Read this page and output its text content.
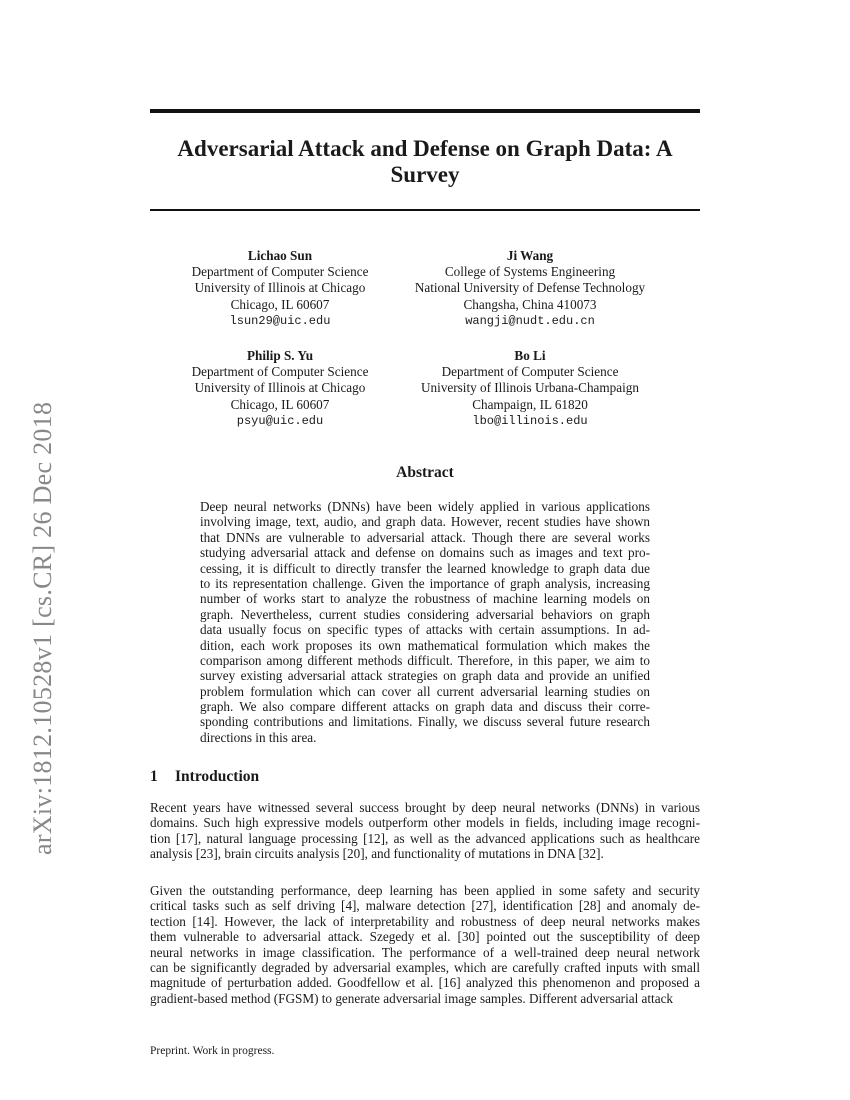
arXiv:1812.10528v1 [cs.CR] 26 Dec 2018
Adversarial Attack and Defense on Graph Data: A
Survey
Lichao Sun
Department of Computer Science
University of Illinois at Chicago
Chicago, IL 60607
lsun29@uic.edu
Ji Wang
College of Systems Engineering
National University of Defense Technology
Changsha, China 410073
wangji@nudt.edu.cn
Philip S. Yu
Department of Computer Science
University of Illinois at Chicago
Chicago, IL 60607
psyu@uic.edu
Bo Li
Department of Computer Science
University of Illinois Urbana-Champaign
Champaign, IL 61820
lbo@illinois.edu
Abstract
Deep neural networks (DNNs) have been widely applied in various applications
involving image, text, audio, and graph data. However, recent studies have shown
that DNNs are vulnerable to adversarial attack. Though there are several works
studying adversarial attack and defense on domains such as images and text pro-
cessing, it is difficult to directly transfer the learned knowledge to graph data due
to its representation challenge. Given the importance of graph analysis, increasing
number of works start to analyze the robustness of machine learning models on
graph. Nevertheless, current studies considering adversarial behaviors on graph
data usually focus on specific types of attacks with certain assumptions. In ad-
dition, each work proposes its own mathematical formulation which makes the
comparison among different methods difficult. Therefore, in this paper, we aim to
survey existing adversarial attack strategies on graph data and provide an unified
problem formulation which can cover all current adversarial learning studies on
graph. We also compare different attacks on graph data and discuss their corre-
sponding contributions and limitations. Finally, we discuss several future research
directions in this area.
1 Introduction
Recent years have witnessed several success brought by deep neural networks (DNNs) in various
domains. Such high expressive models outperform other models in fields, including image recogni-
tion [17], natural language processing [12], as well as the advanced applications such as healthcare
analysis [23], brain circuits analysis [20], and functionality of mutations in DNA [32].
Given the outstanding performance, deep learning has been applied in some safety and security
critical tasks such as self driving [4], malware detection [27], identification [28] and anomaly de-
tection [14]. However, the lack of interpretability and robustness of deep neural networks makes
them vulnerable to adversarial attack. Szegedy et al. [30] pointed out the susceptibility of deep
neural networks in image classification. The performance of a well-trained deep neural network
can be significantly degraded by adversarial examples, which are carefully crafted inputs with small
magnitude of perturbation added. Goodfellow et al. [16] analyzed this phenomenon and proposed a
gradient-based method (FGSM) to generate adversarial image samples. Different adversarial attack
Preprint. Work in progress.
